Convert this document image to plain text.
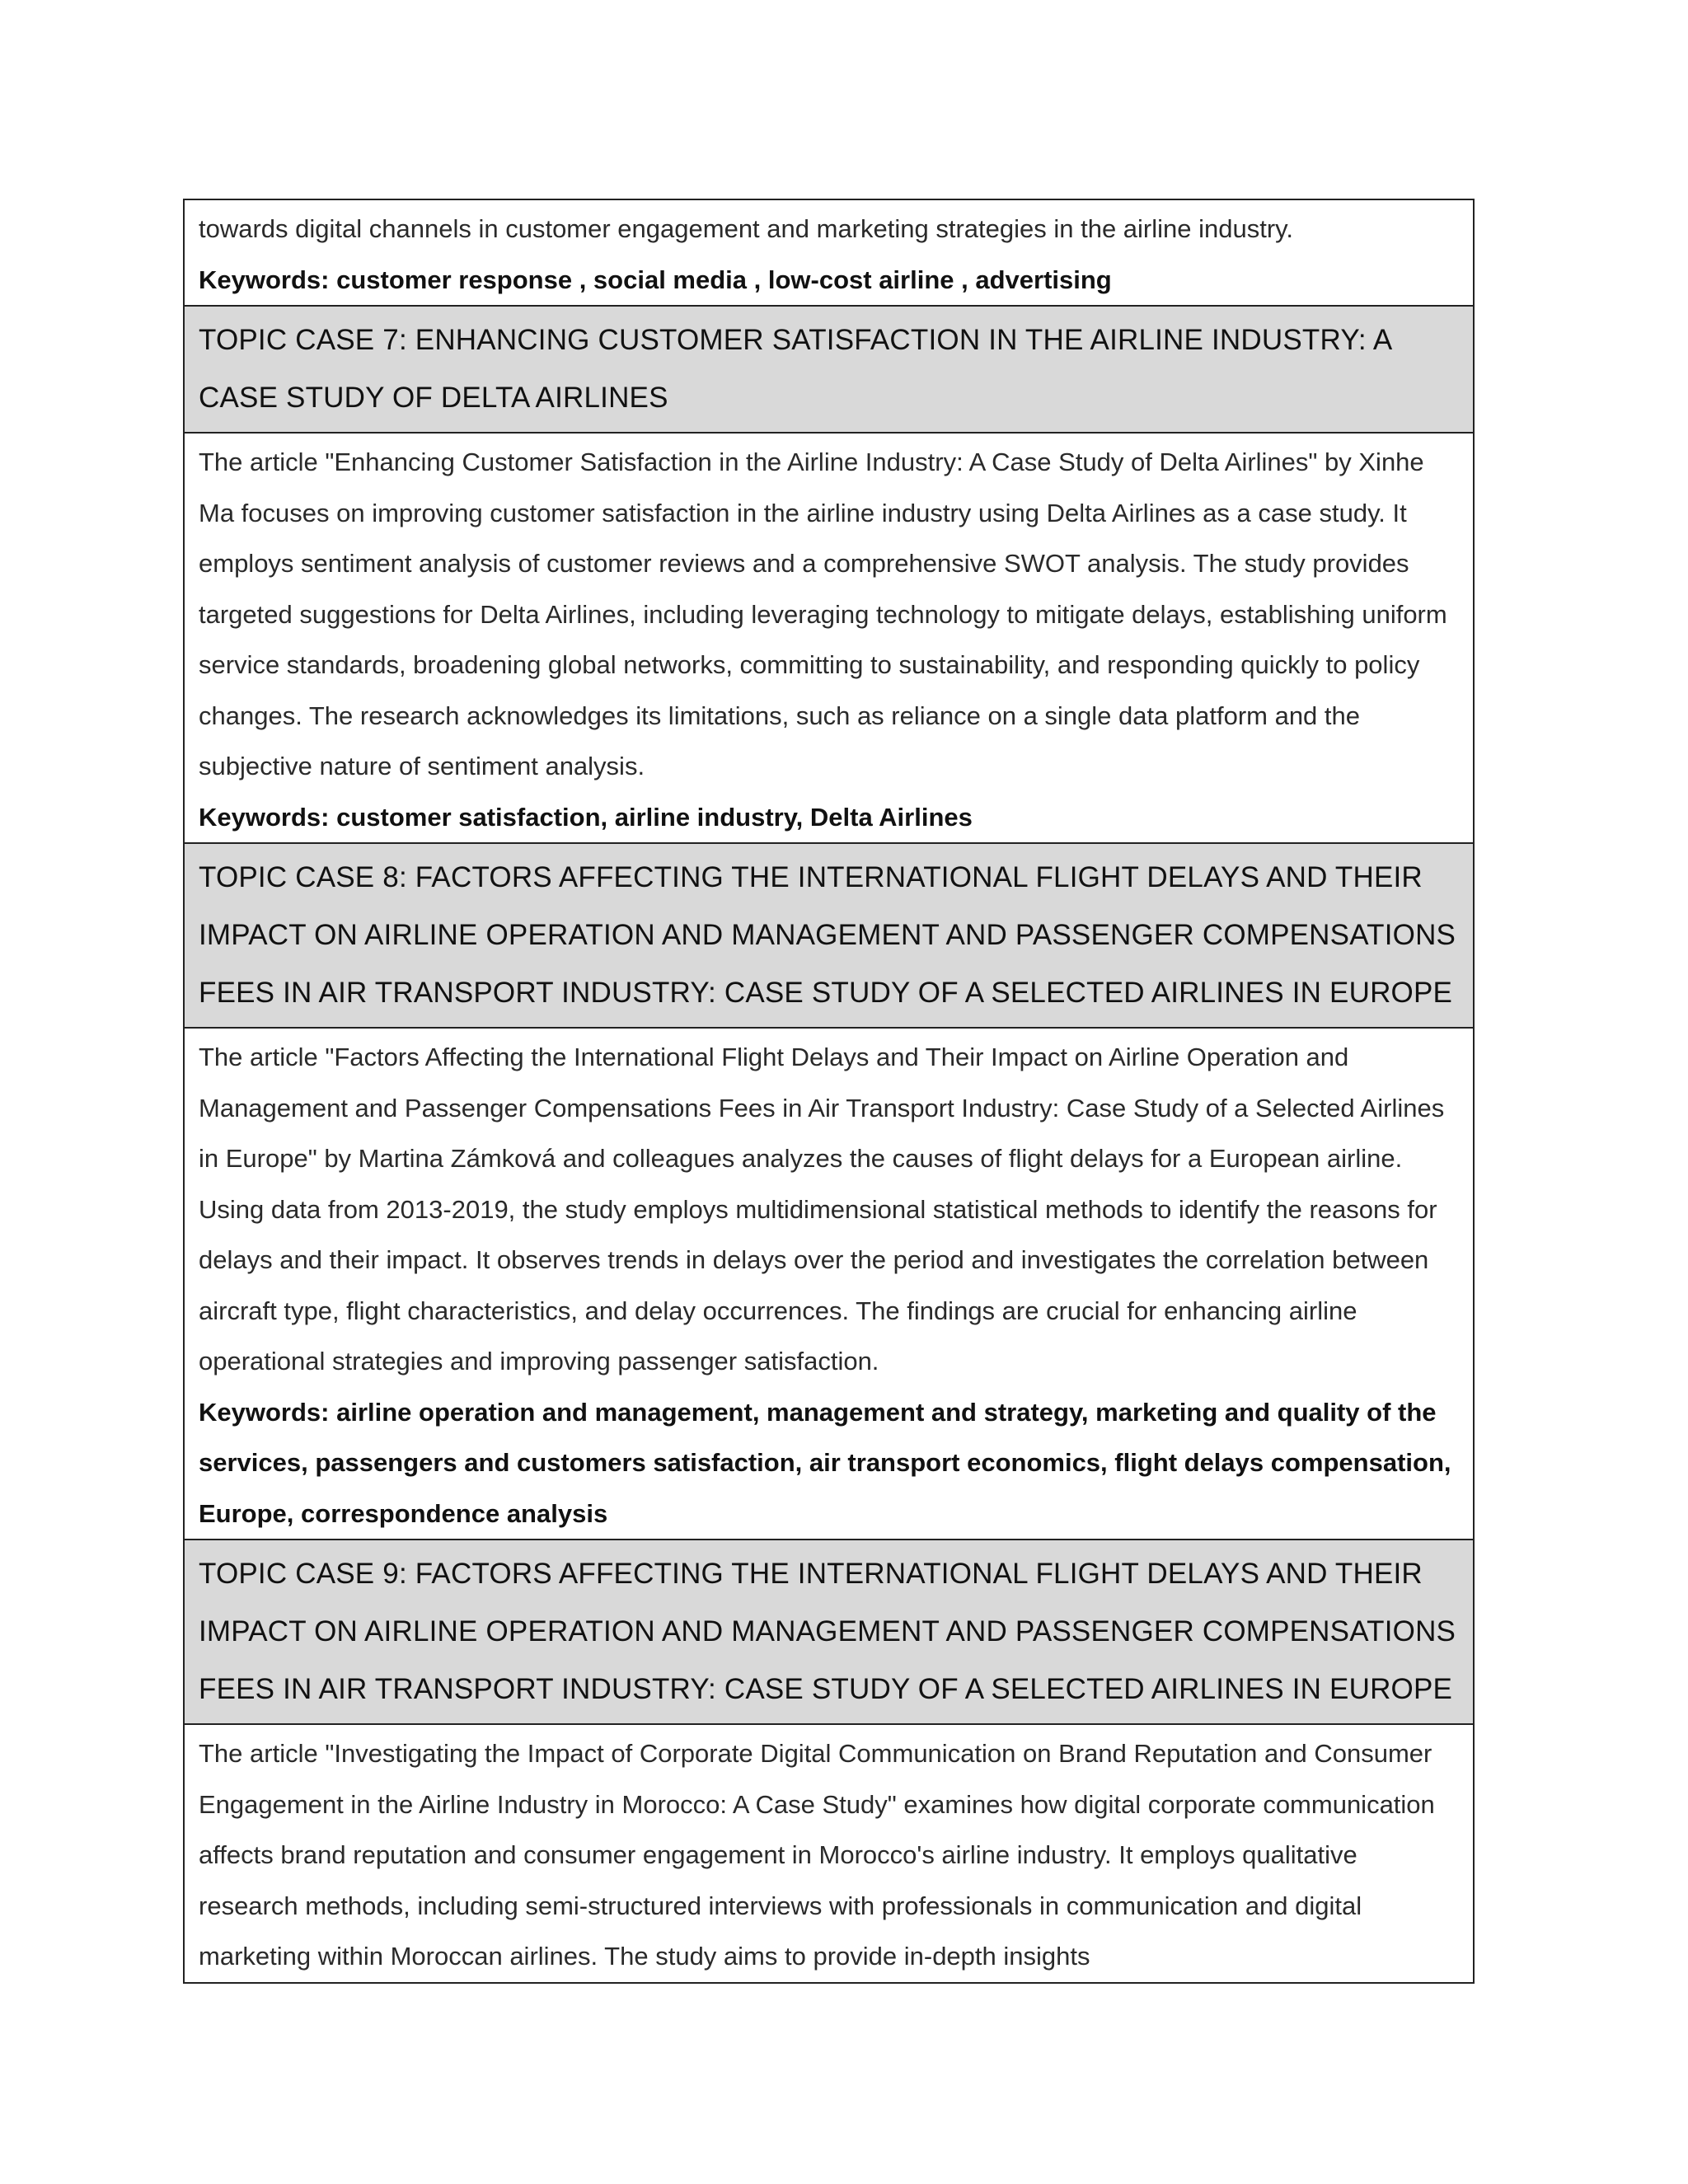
towards digital channels in customer engagement and marketing strategies in the airline industry.

Keywords: customer response , social media , low-cost airline , advertising

TOPIC CASE 7: ENHANCING CUSTOMER SATISFACTION IN THE AIRLINE INDUSTRY: A CASE STUDY OF DELTA AIRLINES

The article "Enhancing Customer Satisfaction in the Airline Industry: A Case Study of Delta Airlines" by Xinhe Ma focuses on improving customer satisfaction in the airline industry using Delta Airlines as a case study. It employs sentiment analysis of customer reviews and a comprehensive SWOT analysis. The study provides targeted suggestions for Delta Airlines, including leveraging technology to mitigate delays, establishing uniform service standards, broadening global networks, committing to sustainability, and responding quickly to policy changes. The research acknowledges its limitations, such as reliance on a single data platform and the subjective nature of sentiment analysis.

Keywords: customer satisfaction, airline industry, Delta Airlines

TOPIC CASE 8: FACTORS AFFECTING THE INTERNATIONAL FLIGHT DELAYS AND THEIR IMPACT ON AIRLINE OPERATION AND MANAGEMENT AND PASSENGER COMPENSATIONS FEES IN AIR TRANSPORT INDUSTRY: CASE STUDY OF A SELECTED AIRLINES IN EUROPE

The article "Factors Affecting the International Flight Delays and Their Impact on Airline Operation and Management and Passenger Compensations Fees in Air Transport Industry: Case Study of a Selected Airlines in Europe" by Martina Zámková and colleagues analyzes the causes of flight delays for a European airline. Using data from 2013-2019, the study employs multidimensional statistical methods to identify the reasons for delays and their impact. It observes trends in delays over the period and investigates the correlation between aircraft type, flight characteristics, and delay occurrences. The findings are crucial for enhancing airline operational strategies and improving passenger satisfaction.

Keywords: airline operation and management, management and strategy, marketing and quality of the services, passengers and customers satisfaction, air transport economics, flight delays compensation, Europe, correspondence analysis

TOPIC CASE 9: FACTORS AFFECTING THE INTERNATIONAL FLIGHT DELAYS AND THEIR IMPACT ON AIRLINE OPERATION AND MANAGEMENT AND PASSENGER COMPENSATIONS FEES IN AIR TRANSPORT INDUSTRY: CASE STUDY OF A SELECTED AIRLINES IN EUROPE

The article "Investigating the Impact of Corporate Digital Communication on Brand Reputation and Consumer Engagement in the Airline Industry in Morocco: A Case Study" examines how digital corporate communication affects brand reputation and consumer engagement in Morocco's airline industry. It employs qualitative research methods, including semi-structured interviews with professionals in communication and digital marketing within Moroccan airlines. The study aims to provide in-depth insights
